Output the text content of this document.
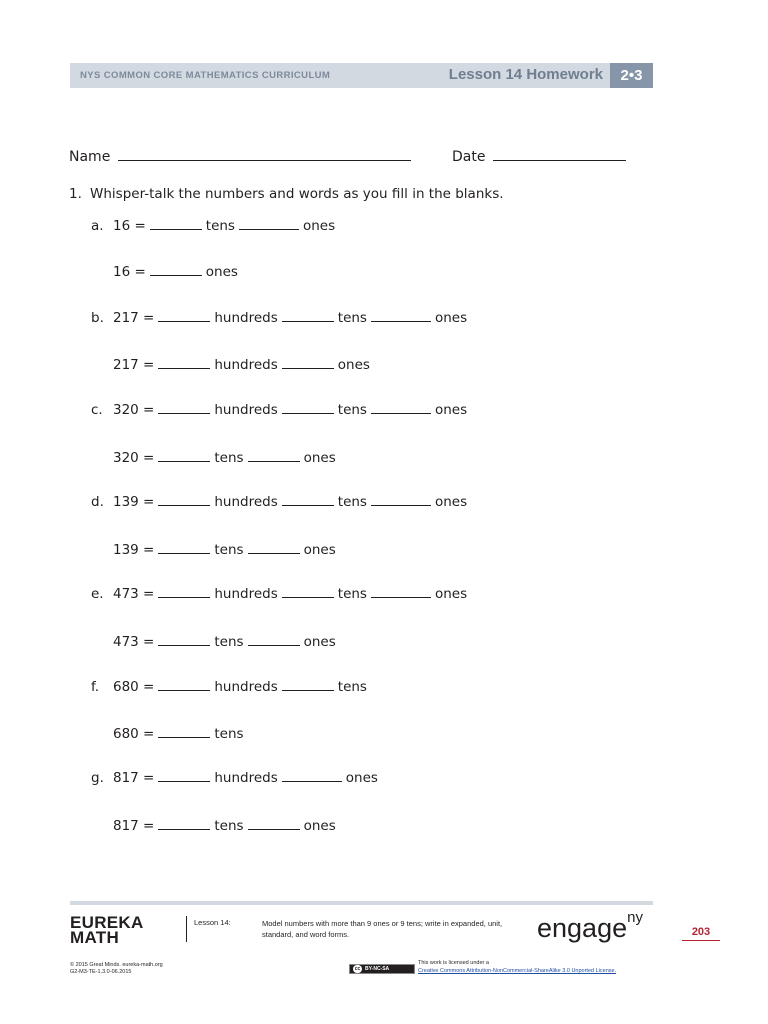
NYS COMMON CORE MATHEMATICS CURRICULUM	Lesson 14 Homework	2•3
Name	Date
1. Whisper-talk the numbers and words as you fill in the blanks.
a. 16 =	tens	ones
16 =	ones
b. 217 =	hundreds	tens	ones
217 =	hundreds	ones
c. 320 =	hundreds	tens	ones
320 =	tens	ones
d. 139 =	hundreds	tens	ones
139 =	tens	ones
e. 473 =	hundreds	tens	ones
473 =	tens	ones
f. 680 =	hundreds	tens
680 =	tens
g. 817 =	hundreds	ones
817 =	tens	ones
EUREKA
MATH
Lesson 14:	Model numbers with more than 9 ones or 9 tens; write in expanded, unit, standard, and word forms.	engage$^{ny}$
203
© 2015 Great Minds. eureka-math.org
G2-M3-TE-1.3.0-06.2015	cc BY-NC-SA
This work is licensed under a
Creative Commons Attribution-NonCommercial-ShareAlike 3.0 Unported License.
